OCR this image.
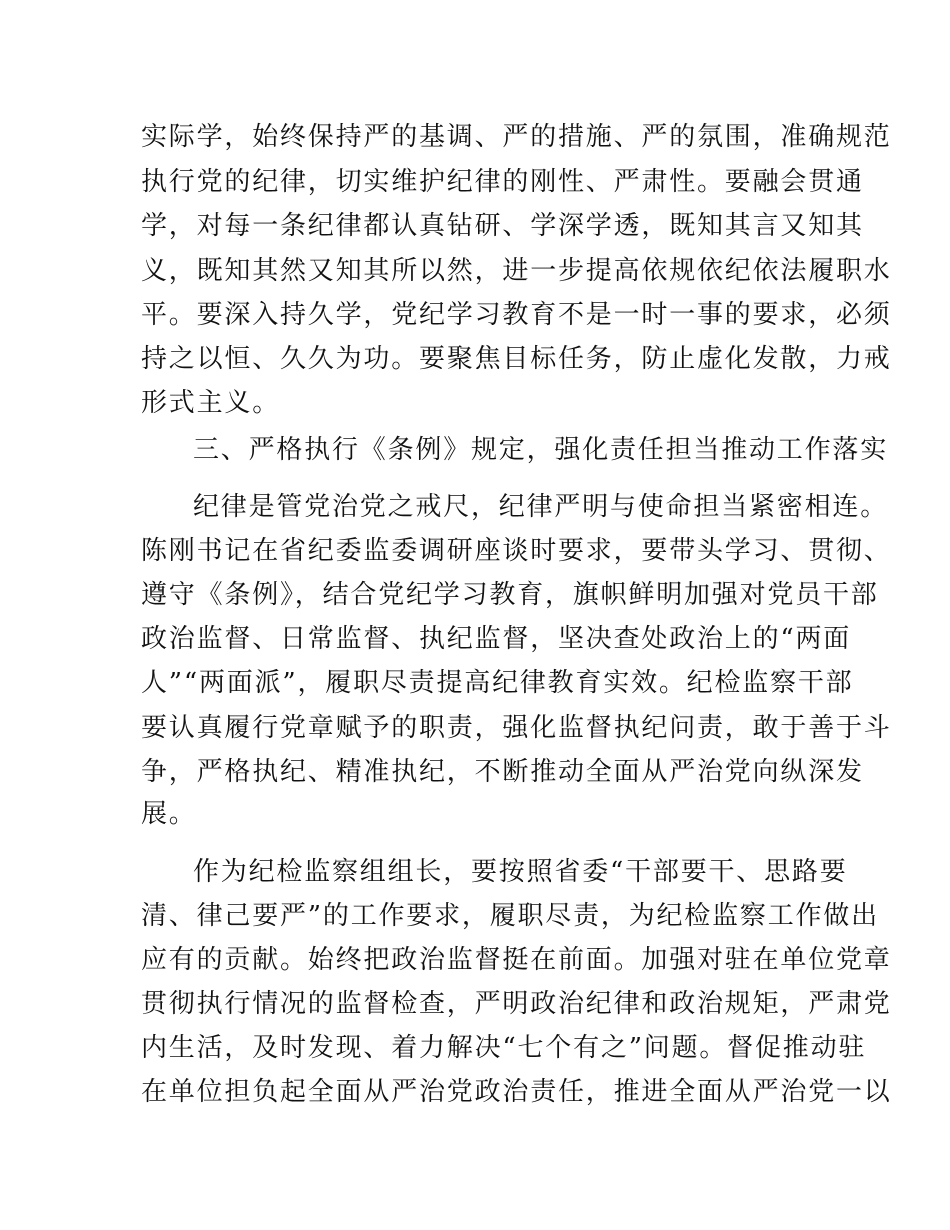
实际学，始终保持严的基调、严的措施、严的氛围，准确规范
执行党的纪律，切实维护纪律的刚性、严肃性。要融会贯通
学，对每一条纪律都认真钻研、学深学透，既知其言又知其
义，既知其然又知其所以然，进一步提高依规依纪依法履职水
平。要深入持久学，党纪学习教育不是一时一事的要求，必须
持之以恒、久久为功。要聚焦目标任务，防止虚化发散，力戒
形式主义。
三、严格执行《条例》规定，强化责任担当推动工作落实
纪律是管党治党之戒尺，纪律严明与使命担当紧密相连。
陈刚书记在省纪委监委调研座谈时要求，要带头学习、贯彻、
遵守《条例》，结合党纪学习教育，旗帜鲜明加强对党员干部
政治监督、日常监督、执纪监督，坚决查处政治上的“两面
人”“两面派”，履职尽责提高纪律教育实效。纪检监察干部
要认真履行党章赋予的职责，强化监督执纪问责，敢于善于斗
争，严格执纪、精准执纪，不断推动全面从严治党向纵深发
展。
作为纪检监察组组长，要按照省委“干部要干、思路要
清、律己要严”的工作要求，履职尽责，为纪检监察工作做出
应有的贡献。始终把政治监督挺在前面。加强对驻在单位党章
贯彻执行情况的监督检查，严明政治纪律和政治规矩，严肃党
内生活，及时发现、着力解决“七个有之”问题。督促推动驻
在单位担负起全面从严治党政治责任，推进全面从严治党一以
